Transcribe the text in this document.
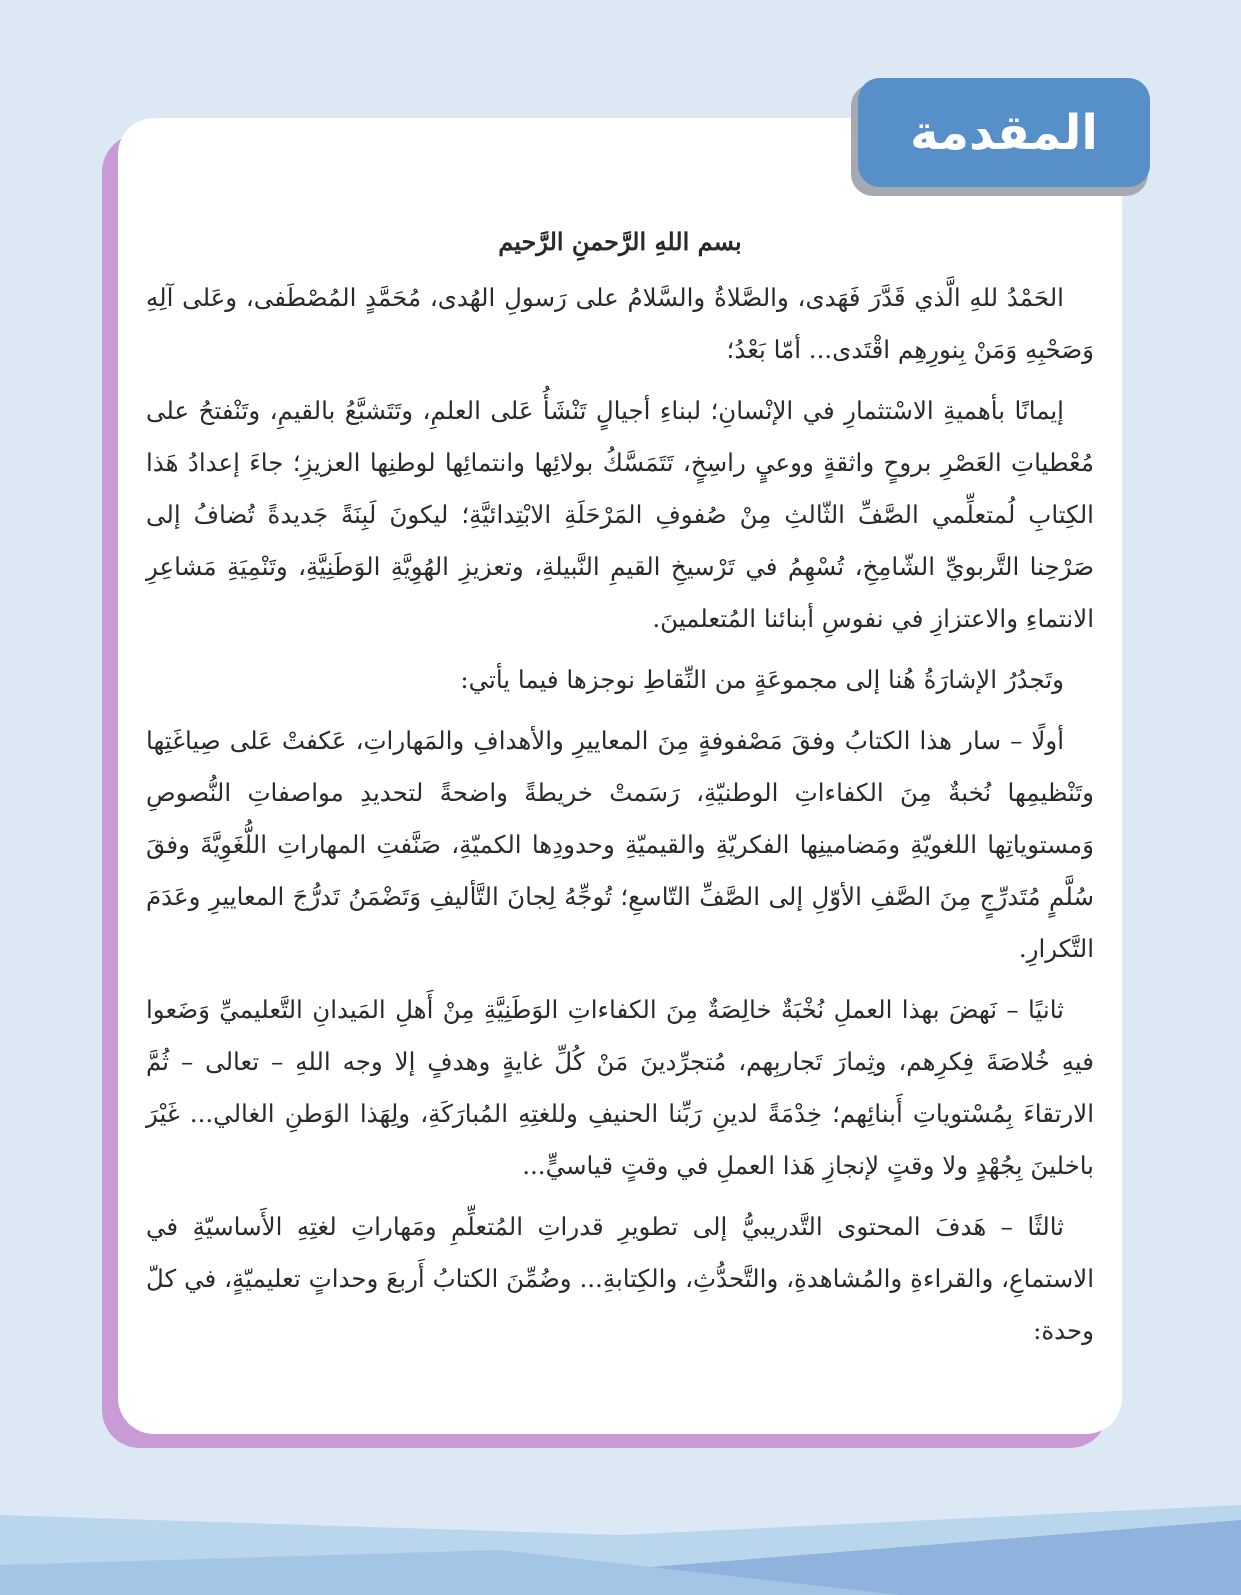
المقدمة

بسم اللهِ الرَّحمنِ الرَّحيم

الحَمْدُ للهِ الَّذي قَدَّرَ فَهَدى، والصَّلاةُ والسَّلامُ على رَسولِ الهُدى، مُحَمَّدٍ المُصْطَفى، وعَلى آلِهِ وَصَحْبِهِ وَمَنْ بِنورِهِم اقْتَدى... أمّا بَعْدُ؛

إيمانًا بأهميةِ الاسْتثمارِ في الإنْسانِ؛ لبناءِ أجيالٍ تَنْشَأُ عَلى العلمِ، وتَتَشبَّعُ بالقيمِ، وتَنْفتحُ على مُعْطياتِ العَصْرِ بروحٍ واثقةٍ ووعيٍ راسِخٍ، تَتَمَسَّكُ بولائِها وانتمائِها لوطنِها العزيزِ؛ جاءَ إعدادُ هَذا الكِتابِ لُمتعلِّمي الصَّفِّ الثّالثِ مِنْ صُفوفِ المَرْحَلَةِ الابْتِدائيَّةِ؛ ليكونَ لَبِنَةً جَديدةً تُضافُ إلى صَرْحِنا التَّربويِّ الشّامِخِ، تُسْهِمُ في تَرْسيخِ القيمِ النَّبيلةِ، وتعزيزِ الهُوِيَّةِ الوَطَنِيَّةِ، وتَنْمِيَةِ مَشاعِرِ الانتماءِ والاعتزازِ في نفوسِ أبنائنا المُتعلمينَ.

وتَجدُرُ الإشارَةُ هُنا إلى مجموعَةٍ من النِّقاطِ نوجزها فيما يأتي:

أولًا – سار هذا الكتابُ وفقَ مَصْفوفةٍ مِنَ المعاييرِ والأهدافِ والمَهاراتِ، عَكفتْ عَلى صِياغَتِها وتَنْظيمِها نُخبةٌ مِنَ الكفاءاتِ الوطنيّةِ، رَسَمتْ خريطةً واضحةً لتحديدِ مواصفاتِ النُّصوصِ وَمستوياتِها اللغويّةِ ومَضامينِها الفكريّةِ والقيميّةِ وحدودِها الكميّةِ، صَنَّفتِ المهاراتِ اللُّغَوِيَّةَ وفقَ سُلَّمٍ مُتَدرِّجٍ مِنَ الصَّفِ الأوّلِ إلى الصَّفِّ التّاسعِ؛ تُوجِّهُ لِجانَ التَّأليفِ وَتَضْمَنُ تَدرُّجَ المعاييرِ وعَدَمَ التَّكرارِ.

ثانيًا – نَهضَ بهذا العملِ نُخْبَةٌ خالِصَةٌ مِنَ الكفاءاتِ الوَطَنِيَّةِ مِنْ أَهلِ المَيدانِ التَّعليميِّ وَضَعوا فيهِ خُلاصَةَ فِكرِهم، وثِمارَ تَجاربِهم، مُتجرِّدينَ مَنْ كُلِّ غايةٍ وهدفٍ إلا وجه اللهِ – تعالى – ثُمَّ الارتقاءَ بِمُسْتوياتِ أَبنائِهم؛ خِدْمَةً لدينِ رَبِّنا الحنيفِ وللغتِهِ المُبارَكَةِ، ولِهَذا الوَطنِ الغالي... غَيْرَ باخلينَ بِجُهْدٍ ولا وقتٍ لإنجازِ هَذا العملِ في وقتٍ قياسيٍّ...

ثالثًا – هَدفَ المحتوى التَّدريبيُّ إلى تطويرِ قدراتِ المُتعلِّمِ ومَهاراتِ لغتِهِ الأَساسيّةِ في الاستماعِ، والقراءةِ والمُشاهدةِ، والتَّحدُّثِ، والكِتابةِ... وضُمِّنَ الكتابُ أَربعَ وحداتٍ تعليميّةٍ، في كلّ وحدة:
